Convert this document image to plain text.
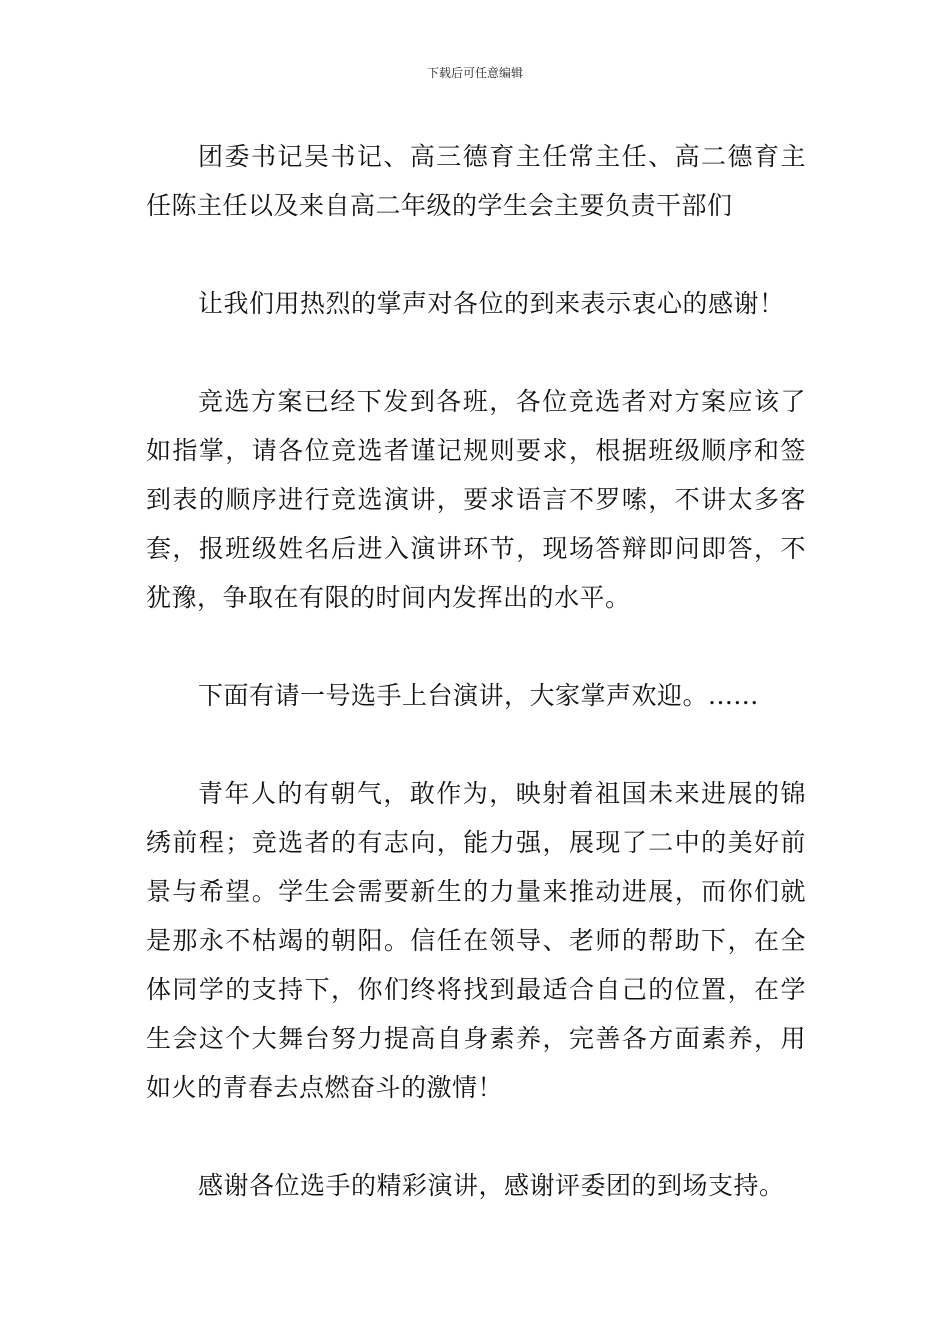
下载后可任意编辑

团委书记吴书记、高三德育主任常主任、高二德育主任陈主任以及来自高二年级的学生会主要负责干部们

让我们用热烈的掌声对各位的到来表示衷心的感谢！

竞选方案已经下发到各班，各位竞选者对方案应该了如指掌，请各位竞选者谨记规则要求，根据班级顺序和签到表的顺序进行竞选演讲，要求语言不罗嗦，不讲太多客套，报班级姓名后进入演讲环节，现场答辩即问即答，不犹豫，争取在有限的时间内发挥出的水平。

下面有请一号选手上台演讲，大家掌声欢迎。......

青年人的有朝气，敢作为，映射着祖国未来进展的锦绣前程；竞选者的有志向，能力强，展现了二中的美好前景与希望。学生会需要新生的力量来推动进展，而你们就是那永不枯竭的朝阳。信任在领导、老师的帮助下，在全体同学的支持下，你们终将找到最适合自己的位置，在学生会这个大舞台努力提高自身素养，完善各方面素养，用如火的青春去点燃奋斗的激情！

感谢各位选手的精彩演讲，感谢评委团的到场支持。
